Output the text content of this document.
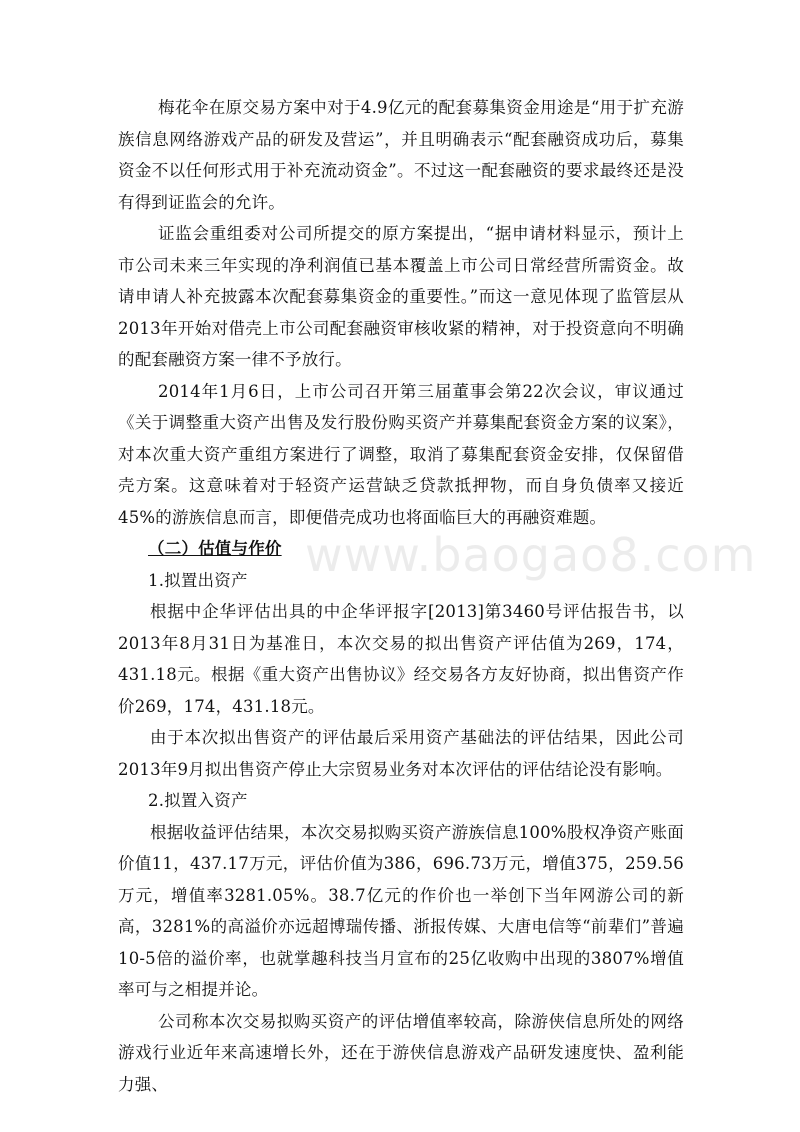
梅花伞在原交易方案中对于4.9亿元的配套募集资金用途是“用于扩充游族信息网络游戏产品的研发及营运”，并且明确表示“配套融资成功后，募集资金不以任何形式用于补充流动资金”。不过这一配套融资的要求最终还是没有得到证监会的允许。

证监会重组委对公司所提交的原方案提出，“据申请材料显示，预计上市公司未来三年实现的净利润值已基本覆盖上市公司日常经营所需资金。故请申请人补充披露本次配套募集资金的重要性。”而这一意见体现了监管层从2013年开始对借壳上市公司配套融资审核收紧的精神，对于投资意向不明确的配套融资方案一律不予放行。

2014年1月6日，上市公司召开第三届董事会第22次会议，审议通过《关于调整重大资产出售及发行股份购买资产并募集配套资金方案的议案》，对本次重大资产重组方案进行了调整，取消了募集配套资金安排，仅保留借壳方案。这意味着对于轻资产运营缺乏贷款抵押物，而自身负债率又接近45%的游族信息而言，即便借壳成功也将面临巨大的再融资难题。

（二）估值与作价

1.拟置出资产

根据中企华评估出具的中企华评报字[2013]第3460号评估报告书，以2013年8月31日为基准日，本次交易的拟出售资产评估值为269，174，431.18元。根据《重大资产出售协议》经交易各方友好协商，拟出售资产作价269，174，431.18元。

由于本次拟出售资产的评估最后采用资产基础法的评估结果，因此公司2013年9月拟出售资产停止大宗贸易业务对本次评估的评估结论没有影响。

2.拟置入资产

根据收益评估结果，本次交易拟购买资产游族信息100%股权净资产账面价值11，437.17万元，评估价值为386，696.73万元，增值375，259.56万元，增值率3281.05%。38.7亿元的作价也一举创下当年网游公司的新高，3281%的高溢价亦远超博瑞传播、浙报传媒、大唐电信等“前辈们”普遍10-5倍的溢价率，也就掌趣科技当月宣布的25亿收购中出现的3807%增值率可与之相提并论。

公司称本次交易拟购买资产的评估增值率较高，除游侠信息所处的网络游戏行业近年来高速增长外，还在于游侠信息游戏产品研发速度快、盈利能力强、

www.baogao8.com
